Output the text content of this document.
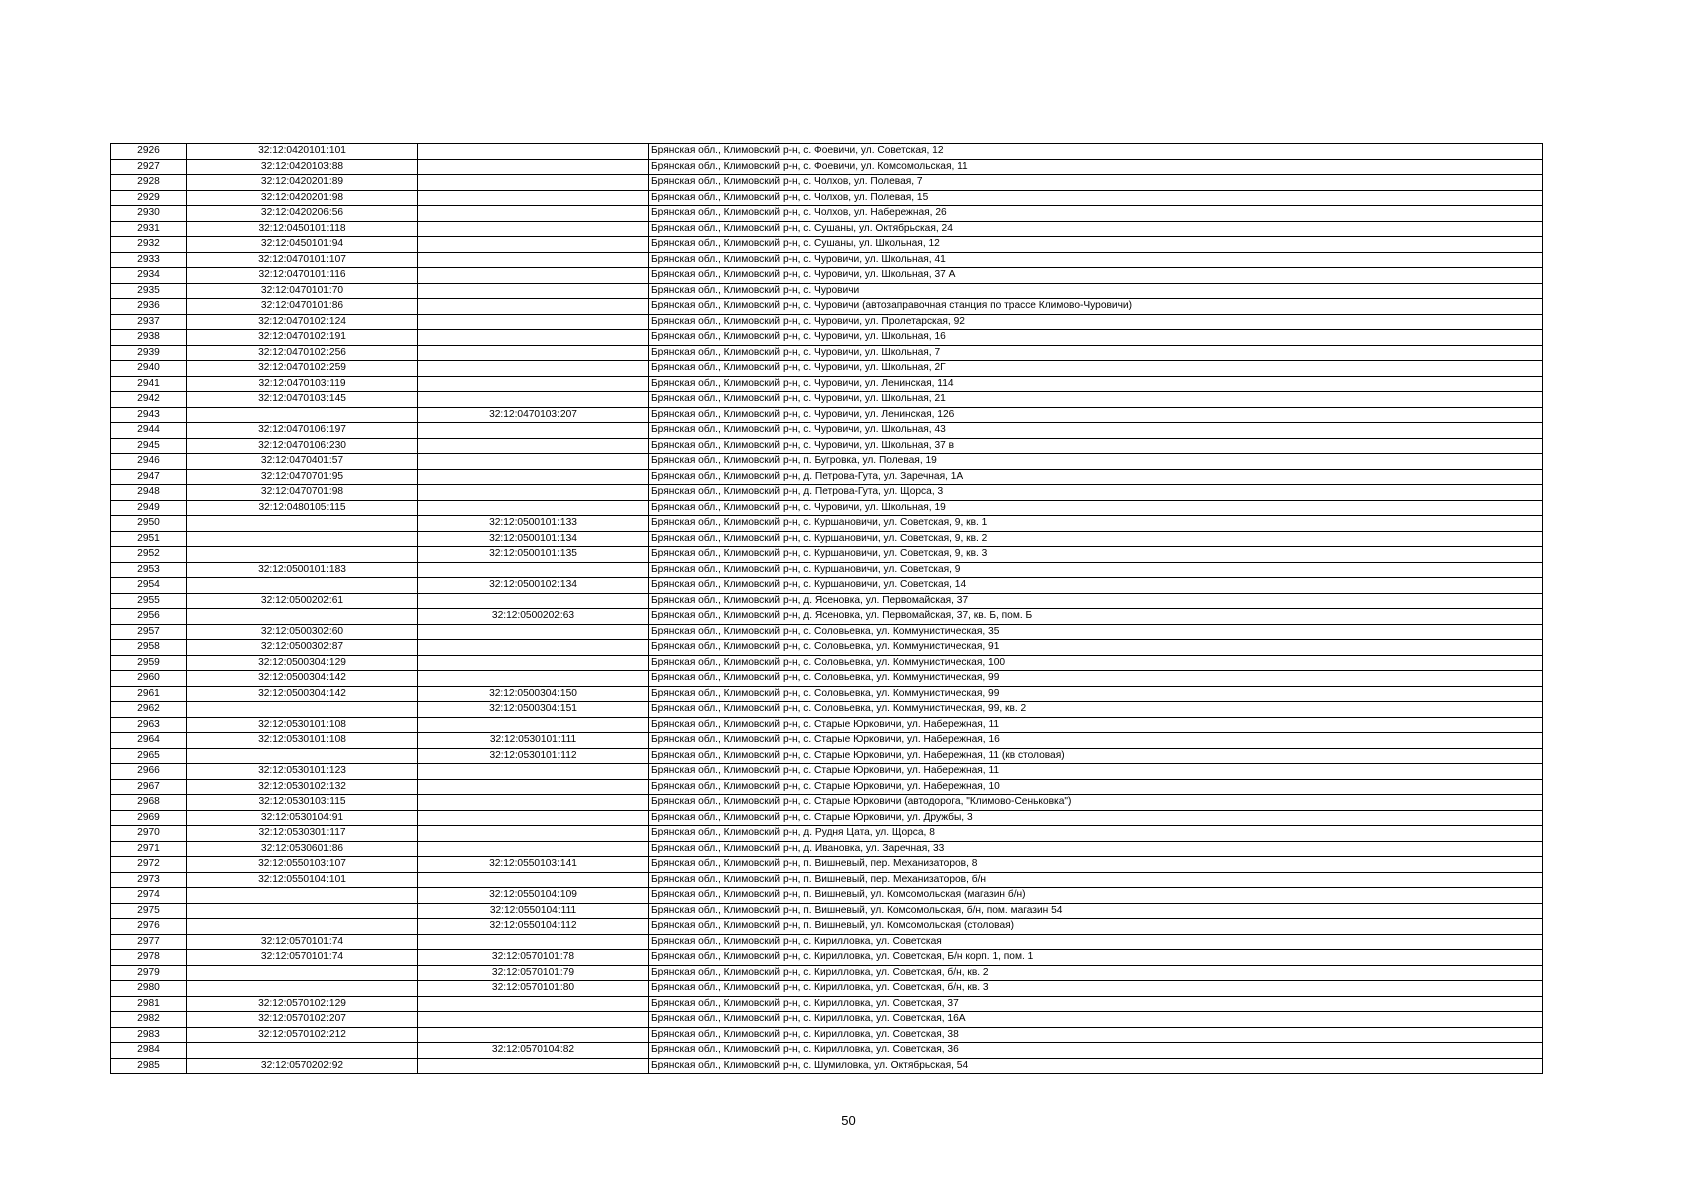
2926	32:12:0420101:101		Брянская обл., Климовский р-н, с. Фоевичи, ул. Советская, 12
2927	32:12:0420103:88		Брянская обл., Климовский р-н, с. Фоевичи, ул. Комсомольская, 11
2928	32:12:0420201:89		Брянская обл., Климовский р-н, с. Чолхов, ул. Полевая, 7
2929	32:12:0420201:98		Брянская обл., Климовский р-н, с. Чолхов, ул. Полевая, 15
2930	32:12:0420206:56		Брянская обл., Климовский р-н, с. Чолхов, ул. Набережная, 26
2931	32:12:0450101:118		Брянская обл., Климовский р-н, с. Сушаны, ул. Октябрьская, 24
2932	32:12:0450101:94		Брянская обл., Климовский р-н, с. Сушаны, ул. Школьная, 12
2933	32:12:0470101:107		Брянская обл., Климовский р-н, с. Чуровичи, ул. Школьная, 41
2934	32:12:0470101:116		Брянская обл., Климовский р-н, с. Чуровичи, ул. Школьная, 37 А
2935	32:12:0470101:70		Брянская обл., Климовский р-н, с. Чуровичи
2936	32:12:0470101:86		Брянская обл., Климовский р-н, с. Чуровичи (автозаправочная станция по трассе Климово-Чуровичи)
2937	32:12:0470102:124		Брянская обл., Климовский р-н, с. Чуровичи, ул. Пролетарская, 92
2938	32:12:0470102:191		Брянская обл., Климовский р-н, с. Чуровичи, ул. Школьная, 16
2939	32:12:0470102:256		Брянская обл., Климовский р-н, с. Чуровичи, ул. Школьная, 7
2940	32:12:0470102:259		Брянская обл., Климовский р-н, с. Чуровичи, ул. Школьная, 2Г
2941	32:12:0470103:119		Брянская обл., Климовский р-н, с. Чуровичи, ул. Ленинская, 114
2942	32:12:0470103:145		Брянская обл., Климовский р-н, с. Чуровичи, ул. Школьная, 21
2943		32:12:0470103:207	Брянская обл., Климовский р-н, с. Чуровичи, ул. Ленинская, 126
2944	32:12:0470106:197		Брянская обл., Климовский р-н, с. Чуровичи, ул. Школьная, 43
2945	32:12:0470106:230		Брянская обл., Климовский р-н, с. Чуровичи, ул. Школьная, 37 в
2946	32:12:0470401:57		Брянская обл., Климовский р-н, п. Бугровка, ул. Полевая, 19
2947	32:12:0470701:95		Брянская обл., Климовский р-н, д. Петрова-Гута, ул. Заречная, 1А
2948	32:12:0470701:98		Брянская обл., Климовский р-н, д. Петрова-Гута, ул. Щорса, 3
2949	32:12:0480105:115		Брянская обл., Климовский р-н, с. Чуровичи, ул. Школьная, 19
2950		32:12:0500101:133	Брянская обл., Климовский р-н, с. Куршановичи, ул. Советская, 9, кв. 1
2951		32:12:0500101:134	Брянская обл., Климовский р-н, с. Куршановичи, ул. Советская, 9, кв. 2
2952		32:12:0500101:135	Брянская обл., Климовский р-н, с. Куршановичи, ул. Советская, 9, кв. 3
2953	32:12:0500101:183		Брянская обл., Климовский р-н, с. Куршановичи, ул. Советская, 9
2954		32:12:0500102:134	Брянская обл., Климовский р-н, с. Куршановичи, ул. Советская, 14
2955	32:12:0500202:61		Брянская обл., Климовский р-н, д. Ясеновка, ул. Первомайская, 37
2956		32:12:0500202:63	Брянская обл., Климовский р-н, д. Ясеновка, ул. Первомайская, 37, кв. Б, пом. Б
2957	32:12:0500302:60		Брянская обл., Климовский р-н, с. Соловьевка, ул. Коммунистическая, 35
2958	32:12:0500302:87		Брянская обл., Климовский р-н, с. Соловьевка, ул. Коммунистическая, 91
2959	32:12:0500304:129		Брянская обл., Климовский р-н, с. Соловьевка, ул. Коммунистическая, 100
2960	32:12:0500304:142		Брянская обл., Климовский р-н, с. Соловьевка, ул. Коммунистическая, 99
2961	32:12:0500304:142	32:12:0500304:150	Брянская обл., Климовский р-н, с. Соловьевка, ул. Коммунистическая, 99
2962		32:12:0500304:151	Брянская обл., Климовский р-н, с. Соловьевка, ул. Коммунистическая, 99, кв. 2
2963	32:12:0530101:108		Брянская обл., Климовский р-н, с. Старые Юрковичи, ул. Набережная, 11
2964	32:12:0530101:108	32:12:0530101:111	Брянская обл., Климовский р-н, с. Старые Юрковичи, ул. Набережная, 16
2965		32:12:0530101:112	Брянская обл., Климовский р-н, с. Старые Юрковичи, ул. Набережная, 11 (кв столовая)
2966	32:12:0530101:123		Брянская обл., Климовский р-н, с. Старые Юрковичи, ул. Набережная, 11
2967	32:12:0530102:132		Брянская обл., Климовский р-н, с. Старые Юрковичи, ул. Набережная, 10
2968	32:12:0530103:115		Брянская обл., Климовский р-н, с. Старые Юрковичи (автодорога, "Климово-Сеньковка")
2969	32:12:0530104:91		Брянская обл., Климовский р-н, с. Старые Юрковичи, ул. Дружбы, 3
2970	32:12:0530301:117		Брянская обл., Климовский р-н, д. Рудня Цата, ул. Щорса, 8
2971	32:12:0530601:86		Брянская обл., Климовский р-н, д. Ивановка, ул. Заречная, 33
2972	32:12:0550103:107	32:12:0550103:141	Брянская обл., Климовский р-н, п. Вишневый, пер. Механизаторов, 8
2973	32:12:0550104:101		Брянская обл., Климовский р-н, п. Вишневый, пер. Механизаторов, б/н
2974		32:12:0550104:109	Брянская обл., Климовский р-н, п. Вишневый, ул. Комсомольская (магазин б/н)
2975		32:12:0550104:111	Брянская обл., Климовский р-н, п. Вишневый, ул. Комсомольская, б/н, пом. магазин 54
2976		32:12:0550104:112	Брянская обл., Климовский р-н, п. Вишневый, ул. Комсомольская (столовая)
2977	32:12:0570101:74		Брянская обл., Климовский р-н, с. Кирилловка, ул. Советская
2978	32:12:0570101:74	32:12:0570101:78	Брянская обл., Климовский р-н, с. Кирилловка, ул. Советская, Б/н корп. 1, пом. 1
2979		32:12:0570101:79	Брянская обл., Климовский р-н, с. Кирилловка, ул. Советская, б/н, кв. 2
2980		32:12:0570101:80	Брянская обл., Климовский р-н, с. Кирилловка, ул. Советская, б/н, кв. 3
2981	32:12:0570102:129		Брянская обл., Климовский р-н, с. Кирилловка, ул. Советская, 37
2982	32:12:0570102:207		Брянская обл., Климовский р-н, с. Кирилловка, ул. Советская, 16А
2983	32:12:0570102:212		Брянская обл., Климовский р-н, с. Кирилловка, ул. Советская, 38
2984		32:12:0570104:82	Брянская обл., Климовский р-н, с. Кирилловка, ул. Советская, 36
2985	32:12:0570202:92		Брянская обл., Климовский р-н, с. Шумиловка, ул. Октябрьская, 54
50
